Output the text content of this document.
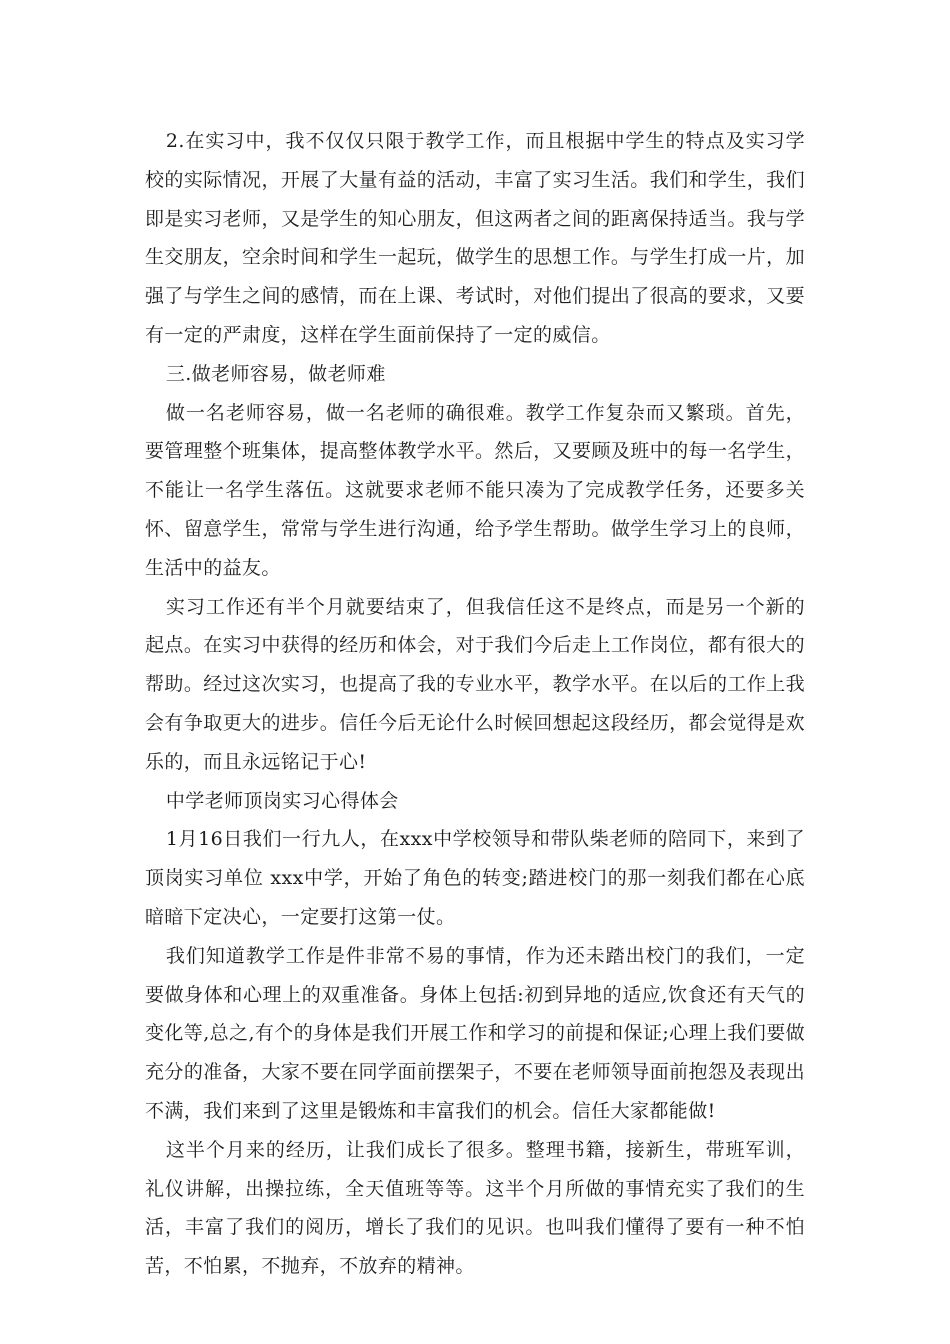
2.在实习中，我不仅仅只限于教学工作，而且根据中学生的特点及实习学校的实际情况，开展了大量有益的活动，丰富了实习生活。我们和学生，我们即是实习老师，又是学生的知心朋友，但这两者之间的距离保持适当。我与学生交朋友，空余时间和学生一起玩，做学生的思想工作。与学生打成一片，加强了与学生之间的感情，而在上课、考试时，对他们提出了很高的要求，又要有一定的严肃度，这样在学生面前保持了一定的威信。

三.做老师容易，做老师难

做一名老师容易，做一名老师的确很难。教学工作复杂而又繁琐。首先，要管理整个班集体，提高整体教学水平。然后，又要顾及班中的每一名学生，不能让一名学生落伍。这就要求老师不能只凑为了完成教学任务，还要多关怀、留意学生，常常与学生进行沟通，给予学生帮助。做学生学习上的良师，生活中的益友。

实习工作还有半个月就要结束了，但我信任这不是终点，而是另一个新的起点。在实习中获得的经历和体会，对于我们今后走上工作岗位，都有很大的帮助。经过这次实习，也提高了我的专业水平，教学水平。在以后的工作上我会有争取更大的进步。信任今后无论什么时候回想起这段经历，都会觉得是欢乐的，而且永远铭记于心!

中学老师顶岗实习心得体会

1月16日我们一行九人，在xxx中学校领导和带队柴老师的陪同下，来到了顶岗实习单位 xxx中学，开始了角色的转变;踏进校门的那一刻我们都在心底暗暗下定决心，一定要打这第一仗。

我们知道教学工作是件非常不易的事情，作为还未踏出校门的我们，一定要做身体和心理上的双重准备。身体上包括:初到异地的适应,饮食还有天气的变化等,总之,有个的身体是我们开展工作和学习的前提和保证;心理上我们要做充分的准备，大家不要在同学面前摆架子，不要在老师领导面前抱怨及表现出不满，我们来到了这里是锻炼和丰富我们的机会。信任大家都能做!

这半个月来的经历，让我们成长了很多。整理书籍，接新生，带班军训，礼仪讲解，出操拉练，全天值班等等。这半个月所做的事情充实了我们的生活，丰富了我们的阅历，增长了我们的见识。也叫我们懂得了要有一种不怕苦，不怕累，不抛弃，不放弃的精神。
